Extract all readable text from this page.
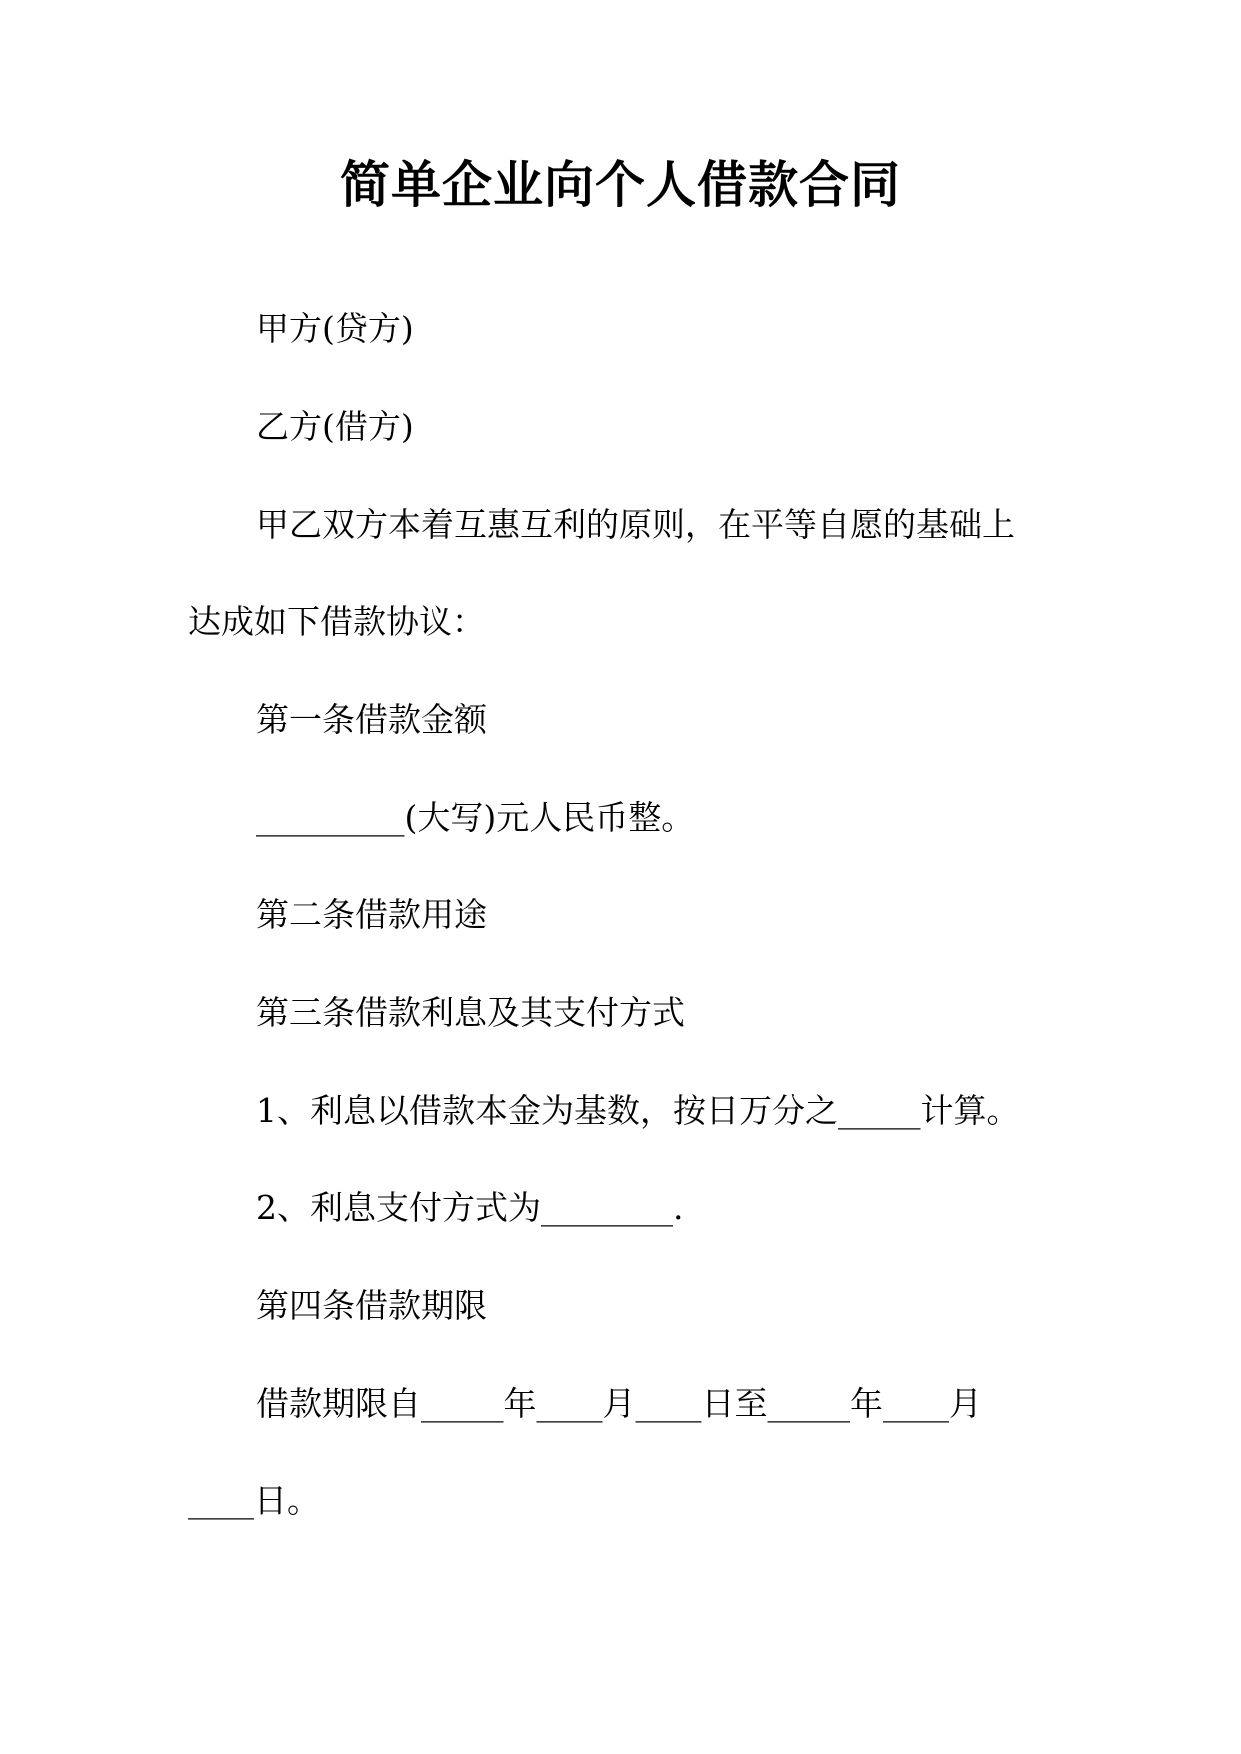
简单企业向个人借款合同

甲方(贷方)

乙方(借方)

甲乙双方本着互惠互利的原则，在平等自愿的基础上

达成如下借款协议：

第一条借款金额

_________(大写)元人民币整。

第二条借款用途

第三条借款利息及其支付方式

1、利息以借款本金为基数，按日万分之_____计算。

2、利息支付方式为________.

第四条借款期限

借款期限自_____年____月____日至_____年____月

____日。
